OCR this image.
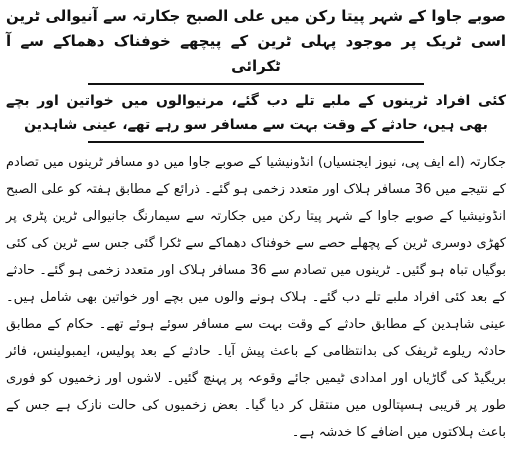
صوبے جاوا کے شہر پیتا رکن میں علی الصبح جکارتہ سے آنیوالی ٹرین اسی ٹریک پر موجود پہلی ٹرین کے پیچھے خوفناک دھماکے سے آ ٹکرائی
کئی افراد ٹرینوں کے ملبے تلے دب گئے، مرنیوالوں میں خواتین اور بچے بھی ہیں، حادثے کے وقت بہت سے مسافر سو رہے تھے، عینی شاہدین

جکارتہ (اے ایف پی، نیوز ایجنسیاں) انڈونیشیا کے صوبے جاوا میں دو مسافر ٹرینوں میں تصادم کے نتیجے میں 36 مسافر ہلاک اور متعدد زخمی ہو گئے۔ ذرائع کے مطابق ہفتہ کو علی الصبح انڈونیشیا کے صوبے جاوا کے شہر پیتا رکن میں جکارتہ سے سیمارنگ جانیوالی ٹرین پٹری پر کھڑی دوسری ٹرین کے پچھلے حصے سے خوفناک دھماکے سے ٹکرا گئی جس سے ٹرین کی کئی بوگیاں تباہ ہو گئیں۔ ٹرینوں میں تصادم سے 36 مسافر ہلاک اور متعدد زخمی ہو گئے۔ حادثے کے بعد کئی افراد ملبے تلے دب گئے۔ ہلاک ہونے والوں میں بچے اور خواتین بھی شامل ہیں۔ عینی شاہدین کے مطابق حادثے کے وقت بہت سے مسافر سوئے ہوئے تھے۔ حکام کے مطابق حادثہ ریلوے ٹریفک کی بدانتظامی کے باعث پیش آیا۔ حادثے کے بعد پولیس، ایمبولینس، فائر بریگیڈ کی گاڑیاں اور امدادی ٹیمیں جائے وقوعہ پر پہنچ گئیں۔ لاشوں اور زخمیوں کو فوری طور پر قریبی ہسپتالوں میں منتقل کر دیا گیا۔ بعض زخمیوں کی حالت نازک ہے جس کے باعث ہلاکتوں میں اضافے کا خدشہ ہے۔
